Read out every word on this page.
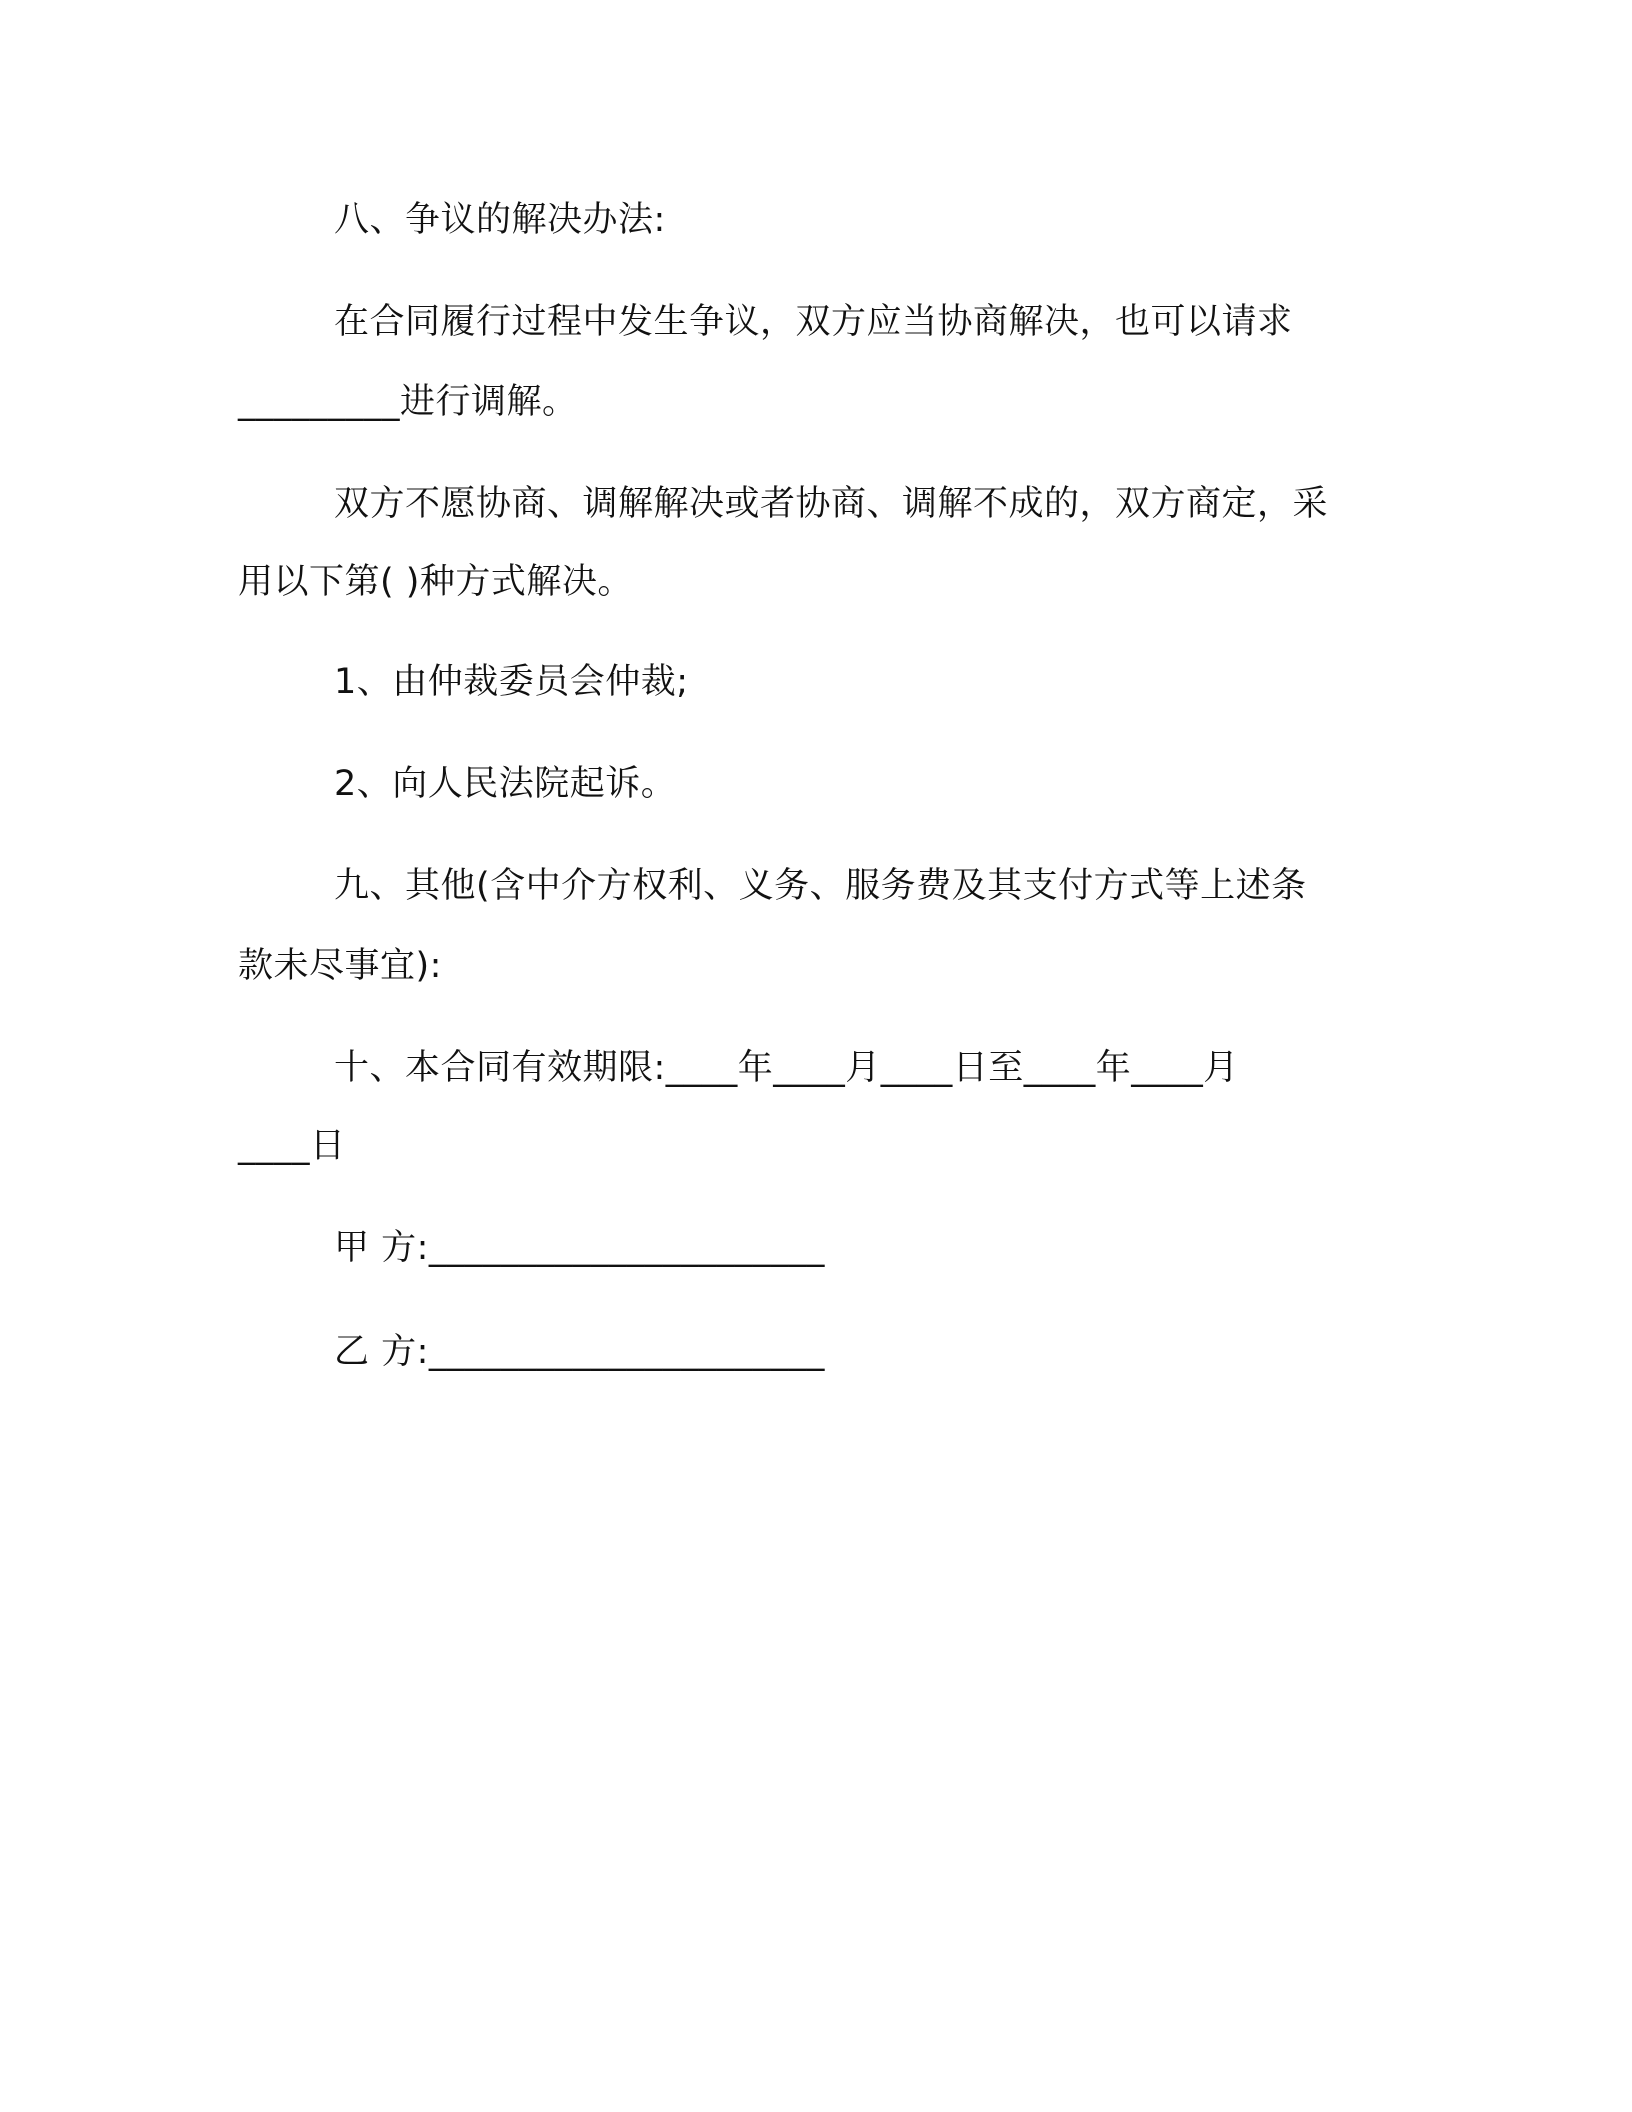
八、争议的解决办法:
在合同履行过程中发生争议，双方应当协商解决，也可以请求
_________进行调解。
双方不愿协商、调解解决或者协商、调解不成的，双方商定，采
用以下第( )种方式解决。
1、由仲裁委员会仲裁;
2、向人民法院起诉。
九、其他(含中介方权利、义务、服务费及其支付方式等上述条
款未尽事宜):
十、本合同有效期限:____年____月____日至____年____月
____日
甲 方:______________________
乙 方:______________________
